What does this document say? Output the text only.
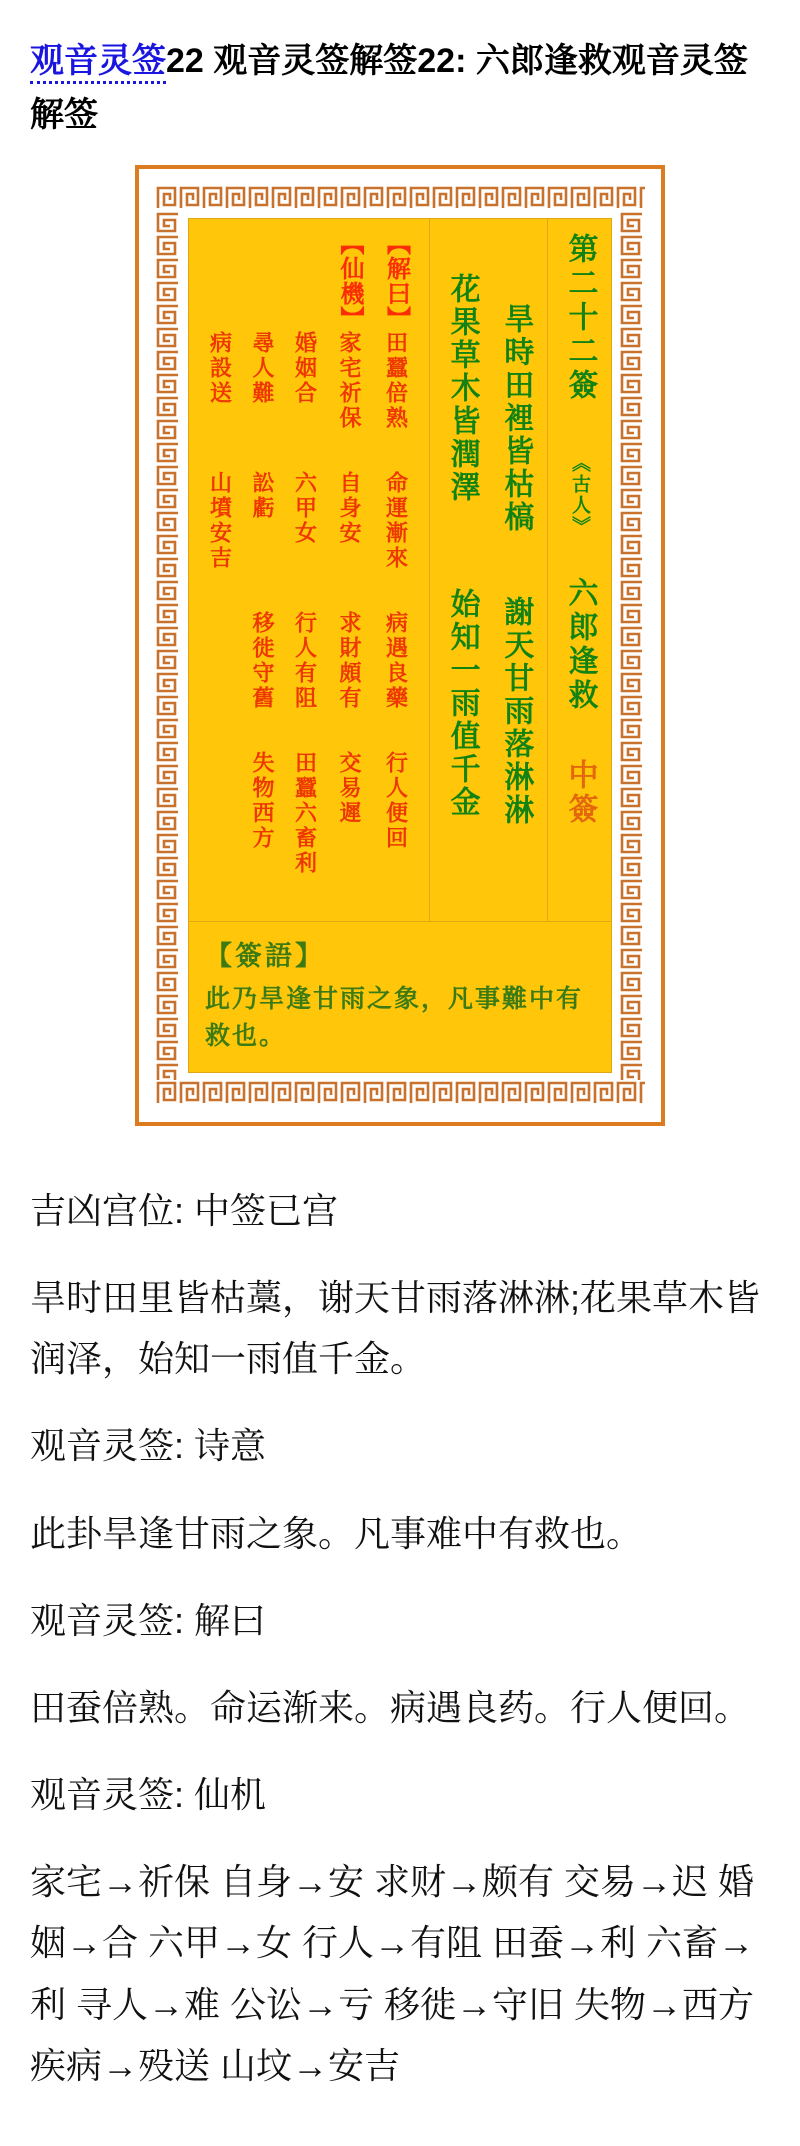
观音灵签22 观音灵签解签22: 六郎逢救观音灵签解签
第二十二簽
《古人》
六郎逢救
中簽
旱時田裡皆枯槁
謝天甘雨落淋淋
花果草木皆潤澤
始知一雨值千金
【解曰】
田蠶倍熟
命運漸來
病遇良藥
行人便回
【仙機】
家宅祈保
自身安
求財頗有
交易遲
婚姻合
六甲女
行人有阻
田蠶六畜利
尋人難
訟虧
移徙守舊
失物西方
病設送
山墳安吉
【簽語】
此乃旱逢甘雨之象，凡事難中有救也。

吉凶宫位: 中签已宫

旱时田里皆枯藁，谢天甘雨落淋淋;花果草木皆润泽，始知一雨值千金。

观音灵签: 诗意

此卦旱逢甘雨之象。凡事难中有救也。

观音灵签: 解曰

田蚕倍熟。命运渐来。病遇良药。行人便回。

观音灵签: 仙机

家宅→祈保 自身→安 求财→颇有 交易→迟 婚姻→合 六甲→女 行人→有阻 田蚕→利 六畜→利 寻人→难 公讼→亏 移徙→守旧 失物→西方 疾病→殁送 山坟→安吉
